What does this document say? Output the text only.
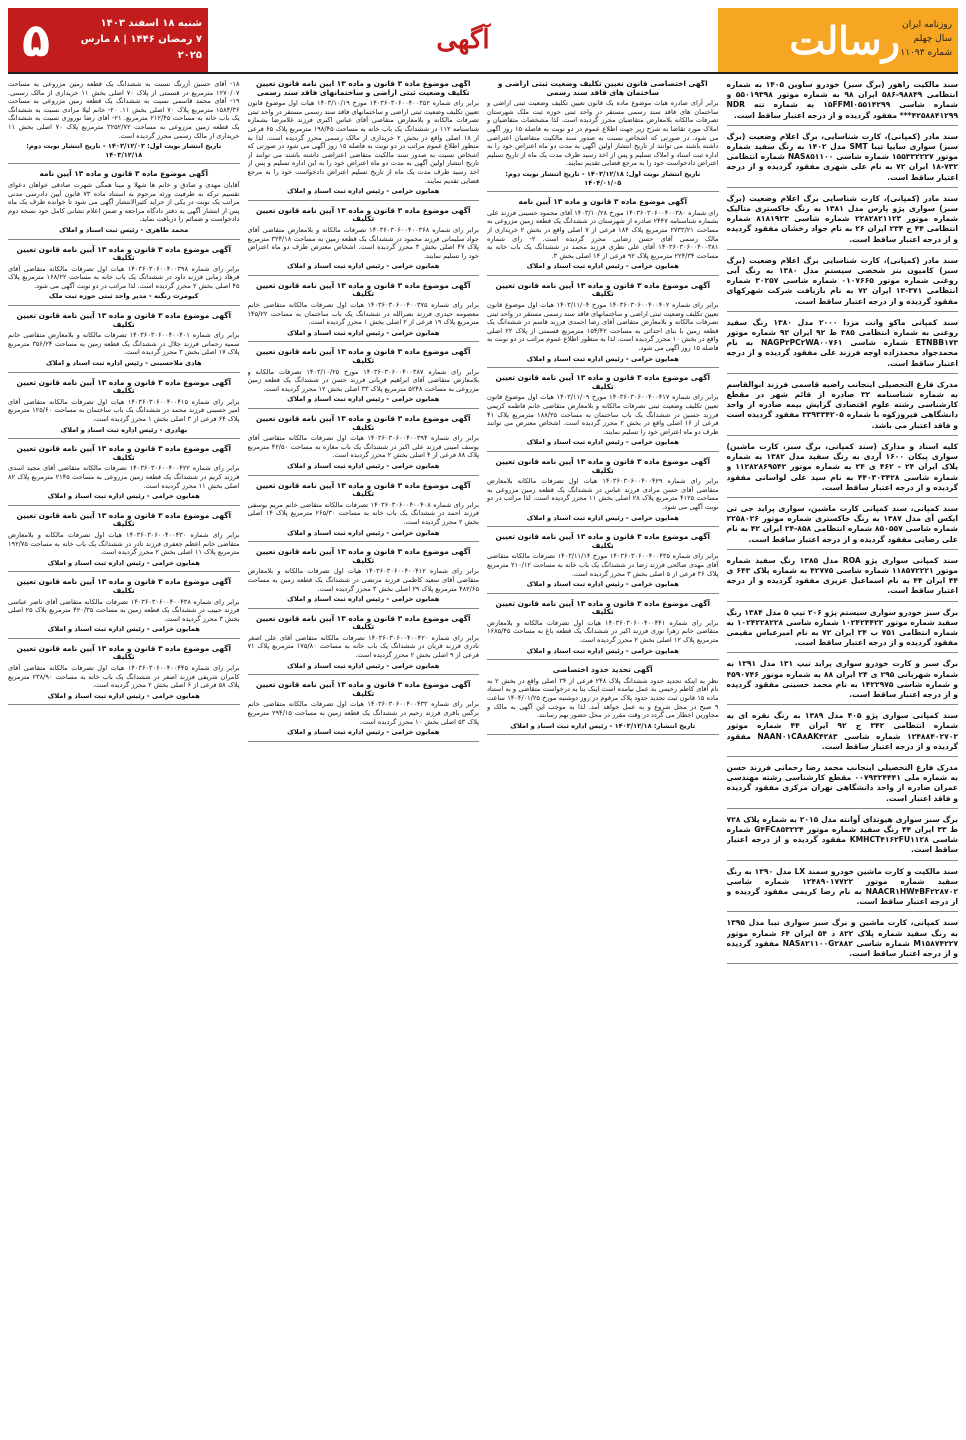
روزنامه ایران
سال چهلم
شماره ۱۱۰۹۳
رسالت
آگهی
شنبه ۱۸ اسفند ۱۴۰۳
۷ رمضان ۱۴۴۶ | ۸ مارس ۲۰۲۵
۵

سند مالکیت راهور (برگ سبز) خودرو ساوین ۱۴۰۵ به شماره انتظامی ۹۸۸۴۹-۵۸۶ ایران ۹۸ به شماره موتور ۵۵۰۱۹۳۹۸ و شماره شاسی ۱۵FFMI۰۵۵۱۴۲۹۹ به شماره تنه NDR ***۴۲۵۸۸۴۱۲۹۹ مفقود گردیده و از درجه اعتبار ساقط است.

سند مادر (کمپانی)، کارت شناسایی، برگ اعلام وضعیت (برگ سبز) سواری سایپا تیبا SMT مدل ۱۴۰۲ به رنگ سفید شماره موتور ۱۵۵۳۳۲۲۲۷ شماره شاسی NAS۸۵۱۱۰۰ شماره انتظامی ۷۳۲-۱۸ ایران ۷۲ به نام علی شهری مفقود گردیده و از درجه اعتبار ساقط است.

سند مادر (کمپانی)، کارت شناسایی برگ اعلام وضعیت (برگ سبز) سواری پژو پارس مدل ۱۳۸۱ به رنگ خاکستری متالیک شماره موتور ۲۲۸۲۸۲۱۱۲۳ شماره شاسی ۸۱۸۱۹۲۳ شماره انتظامی ۴۴ ج ۲۳۴ ایران ۲۶ به نام جواد رخشان مفقود گردیده و از درجه اعتبار ساقط است.

سند مادر (کمپانی)، کارت شناسایی برگ اعلام وضعیت (برگ سبز) کامیون بنز شخصی سیستم مدل ۱۳۸۰ به رنگ آبی روغنی شماره موتور ۰۱۰۷۶۶۵ شماره شاسی ۳۰۲۵۷ شماره انتظامی ۳۷۱-۱۳ ایران ۷۲ به نام بازیافت شرکت شهرکهای مفقود گردیده و از درجه اعتبار ساقط است.

سند کمپانی ماکو وانت مزدا ۲۰۰۰ مدل ۱۳۸۰ رنگ سفید روغنی به شماره انتظامی ۳۸۵ ط ۹۲ ایران ۹۲ شماره موتور ETNBB۱۷۳ شماره شاسی NAGP۲PC۲WA۰۰۷۶۱ به نام محمدجواد محمدزاده اوجه فرزند علی مفقود گردیده و از درجه اعتبار ساقط است.

مدرک فارغ التحصیلی اینجانب راضیه قاسمی فرزند ابوالقاسم به شماره شناسنامه ۳۲ صادره از قائم شهر در مقطع کارشناسی رشته علوم اقتصادی گرایش بیمه صادره از واحد دانشگاهی فیروزکوه با شماره ۳۳۹۳۳۴۲۰۵ مفقود گردیده است و فاقد اعتبار می باشد.

کلیه اسناد و مدارک (سند کمپانی، برگ سبز، کارت ماشین) سواری پیکان ۱۶۰۰ آردی به رنگ سفید مدل ۱۳۸۲ به شماره پلاک ایران ۲۴ - ۴۶۲ ی ۲۴ به شماره موتور ۱۱۲۸۲۸۶۹۵۴۲ و شماره شاسی ۴۴۰۳۰۳۴۲۸ به نام سید علی لواسانی مفقود گردیده و از درجه اعتبار ساقط است.

سند کمپانی، سند کمپانی کارت ماشین، سواری پراید جی تی ایکس آی مدل ۱۳۸۷ به رنگ خاکستری شماره موتور ۲۲۵۸۰۲۶ شماره شاسی ۸۵۰۵۵۷ شماره انتظامی ۸۵۸-۲۴ ایران ۴۲ به نام علی رضایی مفقود گردیده و از درجه اعتبار ساقط است.

سند کمپانی سواری پژو ROA مدل ۱۳۸۵ رنگ سفید شماره موتور ۱۱۸۵۷۲۲۲۱ شماره شاسی ۴۲۷۷۵ به شماره پلاک ۶۴۳ ی ۴۴ ایران ۴۴ به نام اسماعیل عزیزی مفقود گردیده و از درجه اعتبار ساقط است.

برگ سبز خودرو سواری سیستم پژو ۲۰۶ تیپ ۵ مدل ۱۳۸۴ رنگ سفید شماره موتور ۱۰۲۴۲۴۴۲۲ شماره شاسی ۱۰۲۴۲۲۸۲۲۸ به شماره انتظامی ۷۵۱ ب ۲۴ ایران ۷۲ به نام امیرعباس مقیمی مفقود گردیده و از درجه اعتبار ساقط است.

برگ سبز و کارت خودرو سواری پراید تیپ ۱۳۱ مدل ۱۳۹۱ به شماره شهربانی ۲۹۵ ی ۲۴ ایران ۸۸ به شماره موتور ۴۵۹۰۷۴۶ و شماره شاسی ۱۴۲۲۹۷۵ به نام محمد حسینی مفقود گردیده و از درجه اعتبار ساقط است.

سند کمپانی سواری پژو ۴۰۵ مدل ۱۳۸۹ به رنگ نقره ای به شماره انتظامی ۳۴۲ ج ۹۲ ایران ۴۴ شماره موتور ۱۲۴۸۸۴۰۲۷۰۲ شماره شاسی NAAN۰۱CA۸AK۴۲۸۳ مفقود گردیده و از درجه اعتبار ساقط است.

مدرک فارغ التحصیلی اینجانب محمد رضا رحمانی فرزند حسن به شماره ملی ۰۰۷۹۳۲۴۴۴۱ مقطع کارشناسی رشته مهندسی عمران صادره از واحد دانشگاهی تهران مرکزی مفقود گردیده و فاقد اعتبار است.

برگ سبز سواری هیوندای آوانته مدل ۲۰۱۵ به شماره پلاک ۷۲۸ ط ۳۳ ایران ۴۴ رنگ سفید شماره موتور G۴FC۸۵۳۲۲۴ شماره شاسی KMHCT۴۱۶۲FU۱۱۲۸ مفقود گردیده و از درجه اعتبار ساقط است.

سند مالکیت و کارت ماشین خودرو سمند LX مدل ۱۳۹۰ به رنگ سفید شماره موتور ۱۲۴۸۹۰۱۷۷۲۲ شماره شاسی NAACR۱HW۴BF۲۲۸۷۰۲ به نام رضا کریمی مفقود گردیده و از درجه اعتبار ساقط است.

سند کمپانی، کارت ماشین و برگ سبز سواری تیبا مدل ۱۳۹۵ به رنگ سفید شماره پلاک ۸۲۲ د ۵۴ ایران ۶۴ شماره موتور M۱۵۸۷۴۲۲۷ شماره شاسی NAS۸۲۱۱۰۰G۲۸۸۲ مفقود گردیده و از درجه اعتبار ساقط است.

آگهی اختصاصی قانون تعیین تکلیف وضعیت ثبتی اراضی و ساختمان های فاقد سند رسمی

برابر آرای صادره هیات موضوع ماده یک قانون تعیین تکلیف وضعیت ثبتی اراضی و ساختمان های فاقد سند رسمی مستقر در واحد ثبتی حوزه ثبت ملک شهرستان تصرفات مالکانه بلامعارض متقاضیان محرز گردیده است. لذا مشخصات متقاضیان و املاک مورد تقاضا به شرح زیر جهت اطلاع عموم در دو نوبت به فاصله ۱۵ روز آگهی می شود. در صورتی که اشخاص نسبت به صدور سند مالکیت متقاضیان اعتراضی داشته باشند می توانند از تاریخ انتشار اولین آگهی به مدت دو ماه اعتراض خود را به اداره ثبت اسناد و املاک تسلیم و پس از اخذ رسید ظرف مدت یک ماه از تاریخ تسلیم اعتراض دادخواست خود را به مرجع قضایی تقدیم نمایند.

تاریخ انتشار نوبت اول: ۱۴۰۳/۱۲/۱۸ - تاریخ انتشار نوبت دوم: ۱۴۰۴/۰۱/۰۵
آگهی موضوع ماده ۳ قانون و ماده ۱۳ آیین نامه

رای شماره ۱۴۰۳۶۰۳۰۶۰۰۴۰۰۳۸۰ مورخ ۱۴۰۳/۱۰/۲۸ آقای محمود حسینی فرزند علی بشماره شناسنامه ۲۴۴۷ صادره از شهرستان در ششدانگ یک قطعه زمین مزروعی به مساحت ۲۷۳۳/۲۱ مترمربع پلاک ۱۸۴ فرعی از ۷ اصلی واقع در بخش ۲ خریداری از مالک رسمی آقای حسن رضایی محرز گردیده است. ۲- رای شماره ۱۴۰۳۶۰۳۰۶۰۰۴۰۰۳۸۱ آقای علی نظری فرزند محمد در ششدانگ یک باب خانه به مساحت ۲۲۴/۳۴ مترمربع پلاک ۹۲ فرعی از ۱۴ اصلی بخش ۳.

همایون خرامی - رئیس اداره ثبت اسناد و املاک
آگهی موضوع ماده ۳ قانون و ماده ۱۳ آیین نامه قانون تعیین تکلیف

برابر رای شماره ۱۴۰۳۶۰۳۰۶۰۰۴۰۰۴۰۲ مورخ ۱۴۰۳/۱۱/۰۴ هیات اول موضوع قانون تعیین تکلیف وضعیت ثبتی اراضی و ساختمانهای فاقد سند رسمی مستقر در واحد ثبتی تصرفات مالکانه و بلامعارض متقاضی آقای رضا احمدی فرزند قاسم در ششدانگ یک قطعه زمین با بنای احداثی به مساحت ۱۵۴/۴۲ مترمربع قسمتی از پلاک ۲۲ اصلی واقع در بخش ۱۰ محرز گردیده است. لذا به منظور اطلاع عموم مراتب در دو نوبت به فاصله ۱۵ روز آگهی می شود.

همایون خرامی - رئیس اداره ثبت اسناد و املاک
آگهی موضوع ماده ۳ قانون و ماده ۱۳ آیین نامه قانون تعیین تکلیف

برابر رای شماره ۱۴۰۳۶۰۳۰۶۰۰۴۰۰۴۱۷ مورخ ۱۴۰۳/۱۱/۰۹ هیات اول موضوع قانون تعیین تکلیف وضعیت ثبتی تصرفات مالکانه و بلامعارض متقاضی خانم فاطمه کریمی فرزند حسین در ششدانگ یک باب ساختمان به مساحت ۱۸۸/۲۵ مترمربع پلاک ۴۱ فرعی از ۱۶ اصلی واقع در بخش ۲ محرز گردیده است. اشخاص معترض می توانند ظرف دو ماه اعتراض خود را تسلیم نمایند.

همایون خرامی - رئیس اداره ثبت اسناد و املاک
آگهی موضوع ماده ۳ قانون و ماده ۱۳ آیین نامه قانون تعیین تکلیف

برابر رای شماره ۱۴۰۳۶۰۳۰۶۰۰۴۰۰۴۲۹ هیات اول تصرفات مالکانه بلامعارض متقاضی آقای حسن مرادی فرزند عباس در ششدانگ یک قطعه زمین مزروعی به مساحت ۴۱۲۵ مترمربع پلاک ۲۸ اصلی بخش ۱۱ محرز گردیده است. لذا مراتب در دو نوبت آگهی می شود.

همایون خرامی - رئیس اداره ثبت اسناد و املاک
آگهی موضوع ماده ۳ قانون و ماده ۱۳ آیین نامه قانون تعیین تکلیف

برابر رای شماره ۱۴۰۳۶۰۳۰۶۰۰۴۰۰۴۳۵ مورخ ۱۴۰۳/۱۱/۱۴ تصرفات مالکانه متقاضی آقای مهدی صالحی فرزند رضا در ششدانگ یک باب خانه به مساحت ۲۱۰/۱۲ مترمربع پلاک ۳۶ فرعی از ۵ اصلی بخش ۳ محرز گردیده است.

همایون خرامی - رئیس اداره ثبت اسناد و املاک
آگهی موضوع ماده ۳ قانون و ماده ۱۳ آیین نامه قانون تعیین تکلیف

برابر رای شماره ۱۴۰۳۶۰۳۰۶۰۰۴۰۰۴۴۱ هیات اول تصرفات مالکانه و بلامعارض متقاضی خانم زهرا نوری فرزند اکبر در ششدانگ یک قطعه باغ به مساحت ۱۶۸۵/۴۵ مترمربع پلاک ۱۲ اصلی بخش ۲ محرز گردیده است.

همایون خرامی - رئیس اداره ثبت اسناد و املاک
آگهی تحدید حدود اختصاصی

نظر به اینکه تحدید حدود ششدانگ پلاک ۲۴۸ فرعی از ۳۴ اصلی واقع در بخش ۲ به نام آقای کاظم رحیمی به عمل نیامده است اینک بنا به درخواست متقاضی و به استناد ماده ۱۵ قانون ثبت تحدید حدود پلاک مرقوم در روز دوشنبه مورخ ۱۴۰۴/۰۱/۲۵ ساعت ۹ صبح در محل شروع و به عمل خواهد آمد. لذا به موجب این آگهی به مالک و مجاورین اخطار می گردد در وقت مقرر در محل حضور بهم رسانند.

تاریخ انتشار: ۱۴۰۳/۱۲/۱۸ - رئیس اداره ثبت اسناد و املاک
آگهی موضوع ماده ۳ قانون و ماده ۱۳ آیین نامه قانون تعیین تکلیف وضعیت ثبتی اراضی و ساختمانهای فاقد سند رسمی

برابر رای شماره ۱۴۰۳۶۰۳۰۶۰۰۴۰۰۳۵۲ مورخ ۱۴۰۳/۱۰/۱۹ هیات اول موضوع قانون تعیین تکلیف وضعیت ثبتی اراضی و ساختمانهای فاقد سند رسمی مستقر در واحد ثبتی تصرفات مالکانه و بلامعارض متقاضی آقای عباس اکبری فرزند غلامرضا بشماره شناسنامه ۱۱۲ در ششدانگ یک باب خانه به مساحت ۱۹۸/۴۵ مترمربع پلاک ۶۵ فرعی از ۱۸ اصلی واقع در بخش ۲ خریداری از مالک رسمی محرز گردیده است. لذا به منظور اطلاع عموم مراتب در دو نوبت به فاصله ۱۵ روز آگهی می شود در صورتی که اشخاص نسبت به صدور سند مالکیت متقاضی اعتراضی داشته باشند می توانند از تاریخ انتشار اولین آگهی به مدت دو ماه اعتراض خود را به این اداره تسلیم و پس از اخذ رسید ظرف مدت یک ماه از تاریخ تسلیم اعتراض دادخواست خود را به مرجع قضایی تقدیم نمایند.

همایون خرامی - رئیس اداره ثبت اسناد و املاک
آگهی موضوع ماده ۳ قانون و ماده ۱۳ آیین نامه قانون تعیین تکلیف

برابر رای شماره ۱۴۰۳۶۰۳۰۶۰۰۴۰۰۳۶۸ تصرفات مالکانه و بلامعارض متقاضی آقای جواد سلیمانی فرزند محمود در ششدانگ یک قطعه زمین به مساحت ۳۲۴/۱۸ مترمربع پلاک ۴۷ اصلی بخش ۳ محرز گردیده است. اشخاص معترض ظرف دو ماه اعتراض خود را تسلیم نمایند.

همایون خرامی - رئیس اداره ثبت اسناد و املاک
آگهی موضوع ماده ۳ قانون و ماده ۱۳ آیین نامه قانون تعیین تکلیف

برابر رای شماره ۱۴۰۳۶۰۳۰۶۰۰۴۰۰۳۷۵ هیات اول تصرفات مالکانه متقاضی خانم معصومه حیدری فرزند نصرالله در ششدانگ یک باب ساختمان به مساحت ۱۴۵/۲۲ مترمربع پلاک ۱۹ فرعی از ۲ اصلی بخش ۱ محرز گردیده است.

همایون خرامی - رئیس اداره ثبت اسناد و املاک
آگهی موضوع ماده ۳ قانون و ماده ۱۳ آیین نامه قانون تعیین تکلیف

برابر رای شماره ۱۴۰۳۶۰۳۰۶۰۰۴۰۰۳۸۷ مورخ ۱۴۰۳/۱۰/۲۵ تصرفات مالکانه و بلامعارض متقاضی آقای ابراهیم قربانی فرزند حسن در ششدانگ یک قطعه زمین مزروعی به مساحت ۵۲۴۸ مترمربع پلاک ۳۳ اصلی بخش ۱۲ محرز گردیده است.

همایون خرامی - رئیس اداره ثبت اسناد و املاک
آگهی موضوع ماده ۳ قانون و ماده ۱۳ آیین نامه قانون تعیین تکلیف

برابر رای شماره ۱۴۰۳۶۰۳۰۶۰۰۴۰۰۳۹۴ هیات اول تصرفات مالکانه متقاضی آقای یوسف امینی فرزند علی اکبر در ششدانگ یک باب مغازه به مساحت ۴۲/۵۰ مترمربع پلاک ۸۸ فرعی از ۴ اصلی بخش ۲ محرز گردیده است.

همایون خرامی - رئیس اداره ثبت اسناد و املاک
آگهی موضوع ماده ۳ قانون و ماده ۱۳ آیین نامه قانون تعیین تکلیف

برابر رای شماره ۱۴۰۳۶۰۳۰۶۰۰۴۰۰۴۰۸ تصرفات مالکانه متقاضی خانم مریم یوسفی فرزند احمد در ششدانگ یک باب خانه به مساحت ۲۶۵/۳۰ مترمربع پلاک ۱۴ اصلی بخش ۲ محرز گردیده است.

همایون خرامی - رئیس اداره ثبت اسناد و املاک
آگهی موضوع ماده ۳ قانون و ماده ۱۳ آیین نامه قانون تعیین تکلیف

برابر رای شماره ۱۴۰۳۶۰۳۰۶۰۰۴۰۰۴۱۲ هیات اول تصرفات مالکانه و بلامعارض متقاضی آقای سعید کاظمی فرزند مرتضی در ششدانگ یک قطعه زمین به مساحت ۴۸۲/۶۵ مترمربع پلاک ۲۹ اصلی بخش ۳ محرز گردیده است.

همایون خرامی - رئیس اداره ثبت اسناد و املاک
آگهی موضوع ماده ۳ قانون و ماده ۱۳ آیین نامه قانون تعیین تکلیف

برابر رای شماره ۱۴۰۳۶۰۳۰۶۰۰۴۰۰۴۲۰ تصرفات مالکانه متقاضی آقای علی اصغر نادری فرزند قربان در ششدانگ یک باب خانه به مساحت ۱۷۵/۸۰ مترمربع پلاک ۷۱ فرعی از ۹ اصلی بخش ۲ محرز گردیده است.

همایون خرامی - رئیس اداره ثبت اسناد و املاک
آگهی موضوع ماده ۳ قانون و ماده ۱۳ آیین نامه قانون تعیین تکلیف

برابر رای شماره ۱۴۰۳۶۰۳۰۶۰۰۴۰۰۴۳۳ هیات اول تصرفات مالکانه متقاضی خانم نرگس باقری فرزند رحیم در ششدانگ یک قطعه زمین به مساحت ۲۹۴/۱۵ مترمربع پلاک ۵۳ اصلی بخش ۱۰ محرز گردیده است.

همایون خرامی - رئیس اداره ثبت اسناد و املاک

۱۸- آقای حسین آزرنگ نسبت به ششدانگ یک قطعه زمین مزروعی به مساحت ۱۲۷۰/۰۷ مترمربع در قسمتی از پلاک ۷۰ اصلی بخش ۱۱ خریداری از مالک رسمی. ۱۹- آقای محمد قاسمی نسبت به ششدانگ یک قطعه زمین مزروعی به مساحت ۱۵۸۴/۳۶ مترمربع پلاک ۷۰ اصلی بخش ۱۱. ۲۰- خانم لیلا مرادی نسبت به ششدانگ یک باب خانه به مساحت ۲۱۲/۴۵ مترمربع. ۲۱- آقای رضا نوروزی نسبت به ششدانگ یک قطعه زمین مزروعی به مساحت ۳۲۵۲/۷۲ مترمربع پلاک ۷۰ اصلی بخش ۱۱ خریداری از مالک رسمی محرز گردیده است.

تاریخ انتشار نوبت اول: ۱۴۰۳/۱۲/۰۳ - تاریخ انتشار نوبت دوم: ۱۴۰۳/۱۲/۱۸
آگهی موضوع ماده ۳ قانون و ماده ۱۳ آیین نامه

آقایان مهدی و صادق و خانم ها شهلا و مینا همگی شهرت صادقی خواهان دعوای تقسیم ترکه به طرفیت ورثه مرحوم به استناد ماده ۷۳ قانون آیین دادرسی مدنی مراتب یک نوبت در یکی از جراید کثیرالانتشار آگهی می شود تا خوانده ظرف یک ماه پس از انتشار آگهی به دفتر دادگاه مراجعه و ضمن اعلام نشانی کامل خود نسخه دوم دادخواست و ضمائم را دریافت نماید.

محمد طاهری - رئیس ثبت اسناد و املاک
آگهی موضوع ماده ۳ قانون و ماده ۱۳ آیین نامه قانون تعیین تکلیف

برابر رای شماره ۱۴۰۳۶۰۳۰۶۰۰۴۰۰۳۹۸ هیات اول تصرفات مالکانه متقاضی آقای فرهاد زمانی فرزند داود در ششدانگ یک باب خانه به مساحت ۱۶۸/۲۲ مترمربع پلاک ۴۵ اصلی بخش ۲ محرز گردیده است. لذا مراتب در دو نوبت آگهی می شود.

کیومرث زنگنه - مدیر واحد ثبتی حوزه ثبت ملک
آگهی موضوع ماده ۳ قانون و ماده ۱۳ آیین نامه قانون تعیین تکلیف

برابر رای شماره ۱۴۰۳۶۰۳۰۶۰۰۴۰۰۴۰۱ تصرفات مالکانه و بلامعارض متقاضی خانم سمیه رحمانی فرزند جلال در ششدانگ یک قطعه زمین به مساحت ۳۵۶/۲۴ مترمربع پلاک ۱۷ اصلی بخش ۳ محرز گردیده است.

هادی ملاحسینی - رئیس اداره ثبت اسناد و املاک
آگهی موضوع ماده ۳ قانون و ماده ۱۳ آیین نامه قانون تعیین تکلیف

برابر رای شماره ۱۴۰۳۶۰۳۰۶۰۰۴۰۰۴۱۵ هیات اول تصرفات مالکانه متقاضی آقای امیر حسینی فرزند محمد در ششدانگ یک باب ساختمان به مساحت ۱۲۵/۶۰ مترمربع پلاک ۶۴ فرعی از ۳ اصلی بخش ۱ محرز گردیده است.

بهادری - رئیس اداره ثبت اسناد و املاک
آگهی موضوع ماده ۳ قانون و ماده ۱۳ آیین نامه قانون تعیین تکلیف

برابر رای شماره ۱۴۰۳۶۰۳۰۶۰۰۴۰۰۴۲۲ تصرفات مالکانه متقاضی آقای مجید اسدی فرزند کریم در ششدانگ یک قطعه زمین مزروعی به مساحت ۲۱۴۵ مترمربع پلاک ۸۲ اصلی بخش ۱۱ محرز گردیده است.

همایون خرامی - رئیس اداره ثبت اسناد و املاک
آگهی موضوع ماده ۳ قانون و ماده ۱۳ آیین نامه قانون تعیین تکلیف

برابر رای شماره ۱۴۰۳۶۰۳۰۶۰۰۴۰۰۴۳۰ هیات اول تصرفات مالکانه و بلامعارض متقاضی خانم اعظم جعفری فرزند نادر در ششدانگ یک باب خانه به مساحت ۱۹۲/۷۵ مترمربع پلاک ۱۱ اصلی بخش ۲ محرز گردیده است.

همایون خرامی - رئیس اداره ثبت اسناد و املاک
آگهی موضوع ماده ۳ قانون و ماده ۱۳ آیین نامه قانون تعیین تکلیف

برابر رای شماره ۱۴۰۳۶۰۳۰۶۰۰۴۰۰۴۳۸ تصرفات مالکانه متقاضی آقای ناصر عباسی فرزند حبیب در ششدانگ یک قطعه زمین به مساحت ۴۲۰/۳۵ مترمربع پلاک ۲۵ اصلی بخش ۳ محرز گردیده است.

همایون خرامی - رئیس اداره ثبت اسناد و املاک
آگهی موضوع ماده ۳ قانون و ماده ۱۳ آیین نامه قانون تعیین تکلیف

برابر رای شماره ۱۴۰۳۶۰۳۰۶۰۰۴۰۰۴۴۵ هیات اول تصرفات مالکانه متقاضی آقای کامران شریفی فرزند اصغر در ششدانگ یک باب خانه به مساحت ۲۳۸/۹۰ مترمربع پلاک ۵۸ فرعی از ۶ اصلی بخش ۲ محرز گردیده است.

همایون خرامی - رئیس اداره ثبت اسناد و املاک
